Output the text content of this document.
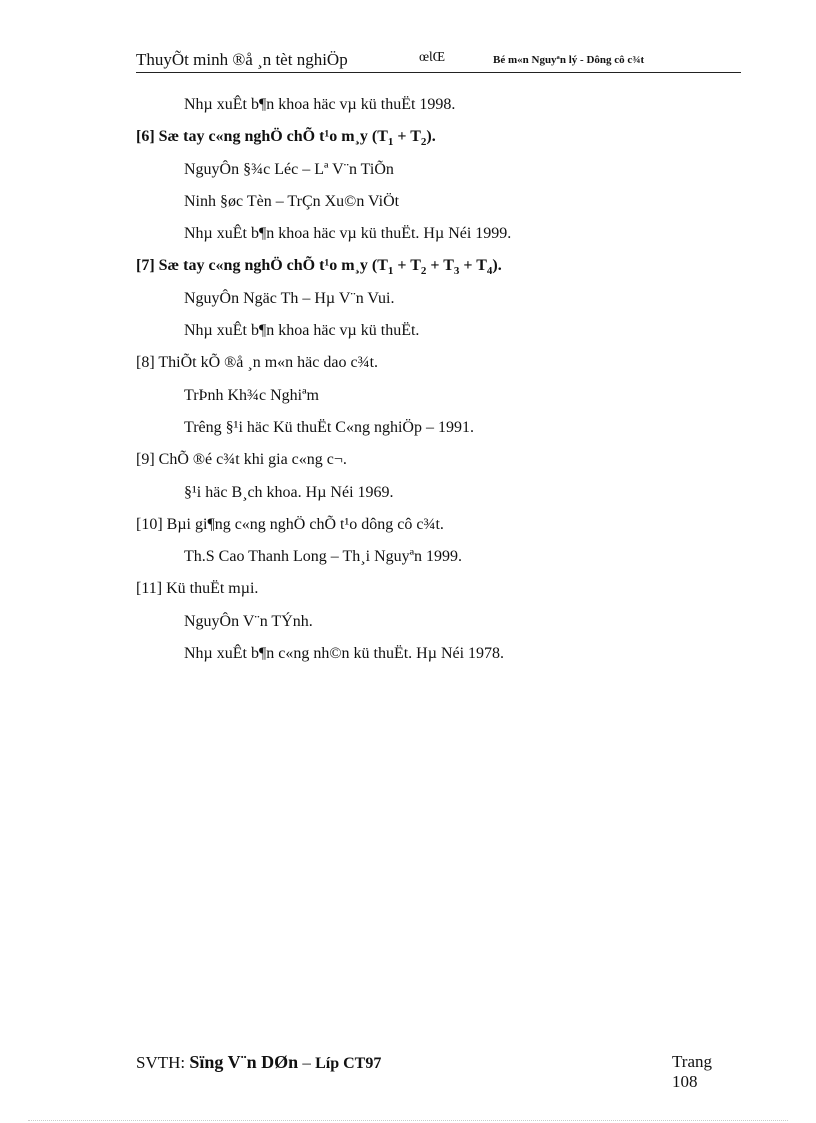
ThuyÕt minh ®å ¸n tèt nghiÖp	œƖŒ	Bé m«n Nguyªn lý - Dông cô c¾t
Nhµ xuÊt b¶n khoa häc vµ kü thuËt 1998.
[6] Sæ tay c«ng nghÖ chÕ t¹o m¸y $(T_1 + T_2)$.
NguyÔn §¾c Léc – Lª V¨n TiÕn
Ninh §øc Tèn – TrÇn Xu©n ViÖt
Nhµ xuÊt b¶n khoa häc vµ kü thuËt. Hµ Néi 1999.
[7] Sæ tay c«ng nghÖ chÕ t¹o m¸y $(T_1 + T_2 + T_3 + T_4)$.
NguyÔn Ngäc Th – Hµ V¨n Vui.
Nhµ xuÊt b¶n khoa häc vµ kü thuËt.
[8] ThiÕt kÕ ®å ¸n m«n häc dao c¾t.
TrÞnh Kh¾c Nghiªm
Trêng §¹i häc Kü thuËt C«ng nghiÖp – 1991.
[9] ChÕ ®é c¾t khi gia c«ng c¬.
§¹i häc B¸ch khoa. Hµ Néi 1969.
[10] Bµi gi¶ng c«ng nghÖ chÕ t¹o dông cô c¾t.
Th.S Cao Thanh Long – Th¸i Nguyªn 1999.
[11] Kü thuËt mµi.
NguyÔn V¨n TÝnh.
Nhµ xuÊt b¶n c«ng nh©n kü thuËt. Hµ Néi 1978.
SVTH: Sïng V¨n DØn – Líp CT97	Trang
108
